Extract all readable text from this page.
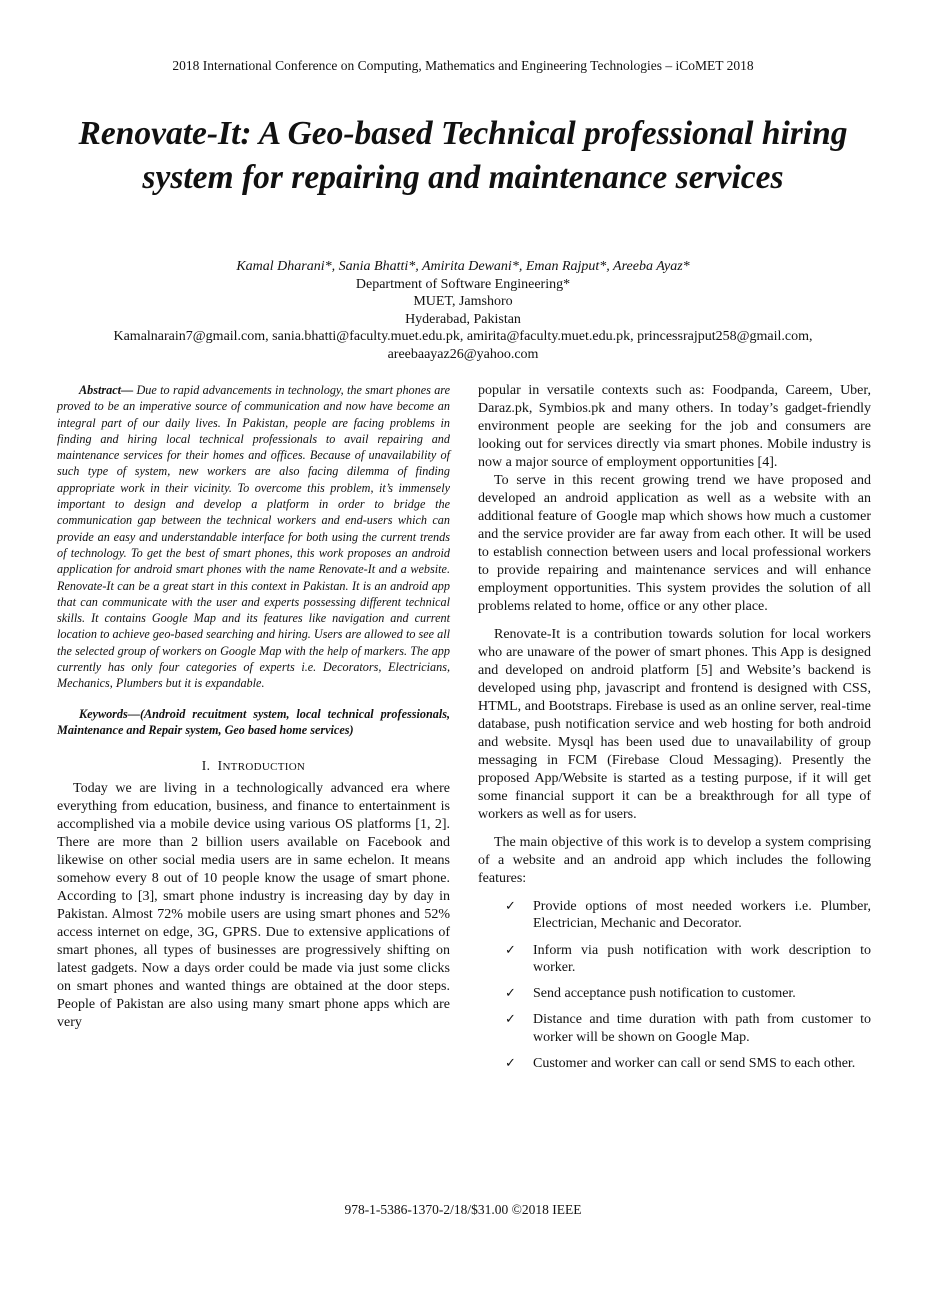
2018 International Conference on Computing, Mathematics and Engineering Technologies – iCoMET 2018
Renovate-It: A Geo-based Technical professional hiring system for repairing and maintenance services
Kamal Dharani*, Sania Bhatti*, Amirita Dewani*, Eman Rajput*, Areeba Ayaz*
Department of Software Engineering*
MUET, Jamshoro
Hyderabad, Pakistan
Kamalnarain7@gmail.com, sania.bhatti@faculty.muet.edu.pk, amirita@faculty.muet.edu.pk, princessrajput258@gmail.com,
areebaayaz26@yahoo.com

Abstract— Due to rapid advancements in technology, the smart phones are proved to be an imperative source of communication and now have become an integral part of our daily lives. In Pakistan, people are facing problems in finding and hiring local technical professionals to avail repairing and maintenance services for their homes and offices. Because of unavailability of such type of system, new workers are also facing dilemma of finding appropriate work in their vicinity. To overcome this problem, it’s immensely important to design and develop a platform in order to bridge the communication gap between the technical workers and end-users which can provide an easy and understandable interface for both using the current trends of technology. To get the best of smart phones, this work proposes an android application for android smart phones with the name Renovate-It and a website. Renovate-It can be a great start in this context in Pakistan. It is an android app that can communicate with the user and experts possessing different technical skills. It contains Google Map and its features like navigation and current location to achieve geo-based searching and hiring. Users are allowed to see all the selected group of workers on Google Map with the help of markers. The app currently has only four categories of experts i.e. Decorators, Electricians, Mechanics, Plumbers but it is expandable.

Keywords—(Android recuitment system, local technical professionals, Maintenance and Repair system, Geo based home services)

I. INTRODUCTION

Today we are living in a technologically advanced era where everything from education, business, and finance to entertainment is accomplished via a mobile device using various OS platforms [1, 2]. There are more than 2 billion users available on Facebook and likewise on other social media users are in same echelon. It means somehow every 8 out of 10 people know the usage of smart phone. According to [3], smart phone industry is increasing day by day in Pakistan. Almost 72% mobile users are using smart phones and 52% access internet on edge, 3G, GPRS. Due to extensive applications of smart phones, all types of businesses are progressively shifting on latest gadgets. Now a days order could be made via just some clicks on smart phones and wanted things are obtained at the door steps. People of Pakistan are also using many smart phone apps which are very

popular in versatile contexts such as: Foodpanda, Careem, Uber, Daraz.pk, Symbios.pk and many others. In today’s gadget-friendly environment people are seeking for the job and consumers are looking out for services directly via smart phones. Mobile industry is now a major source of employment opportunities [4].

To serve in this recent growing trend we have proposed and developed an android application as well as a website with an additional feature of Google map which shows how much a customer and the service provider are far away from each other. It will be used to establish connection between users and local professional workers to provide repairing and maintenance services and will enhance employment opportunities. This system provides the solution of all problems related to home, office or any other place.

Renovate-It is a contribution towards solution for local workers who are unaware of the power of smart phones. This App is designed and developed on android platform [5] and Website’s backend is developed using php, javascript and frontend is designed with CSS, HTML, and Bootstraps. Firebase is used as an online server, real-time database, push notification service and web hosting for both android and website. Mysql has been used due to unavailability of group messaging in FCM (Firebase Cloud Messaging). Presently the proposed App/Website is started as a testing purpose, if it will get some financial support it can be a breakthrough for all type of workers as well as for users.

The main objective of this work is to develop a system comprising of a website and an android app which includes the following features:

✓ Provide options of most needed workers i.e. Plumber, Electrician, Mechanic and Decorator.
✓ Inform via push notification with work description to worker.
✓ Send acceptance push notification to customer.
✓ Distance and time duration with path from customer to worker will be shown on Google Map.
✓ Customer and worker can call or send SMS to each other.
978-1-5386-1370-2/18/$31.00 ©2018 IEEE
